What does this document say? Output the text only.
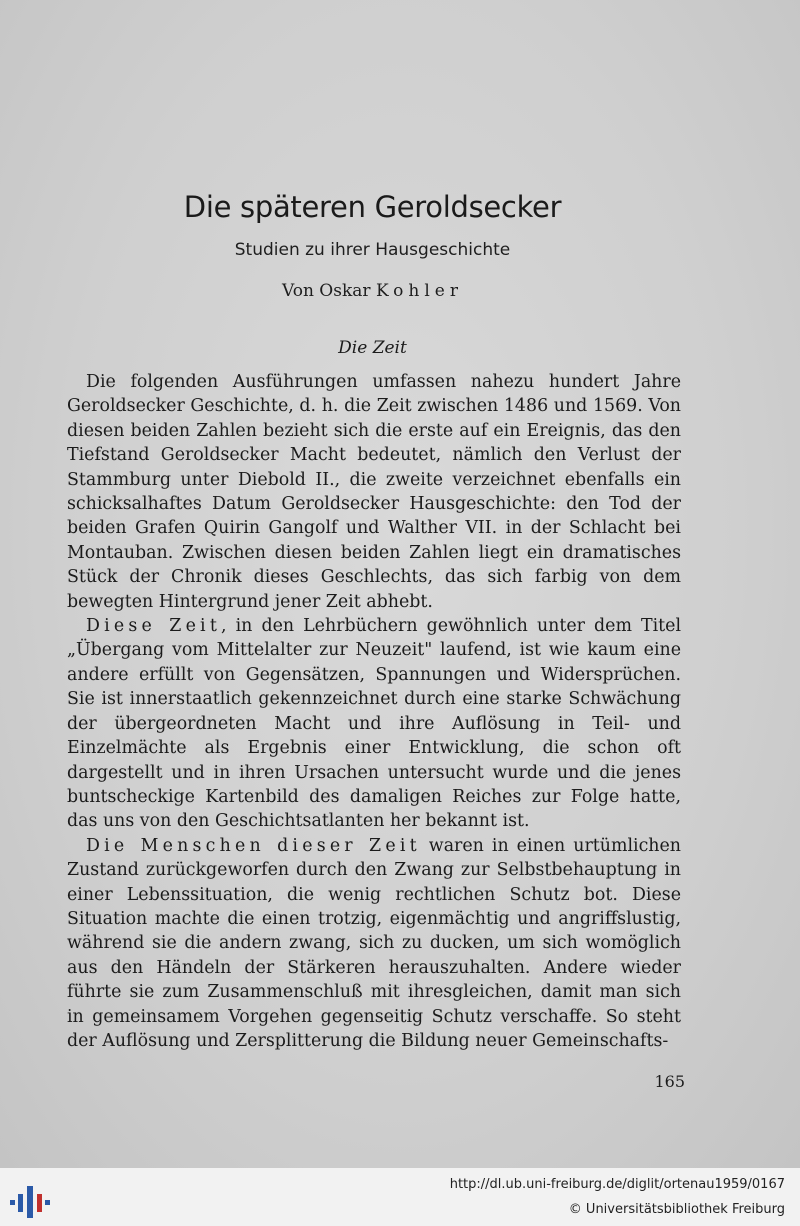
Die späteren Geroldsecker
Studien zu ihrer Hausgeschichte
Von Oskar Kohler
Die Zeit

Die folgenden Ausführungen umfassen nahezu hundert Jahre Geroldsecker Geschichte, d. h. die Zeit zwischen 1486 und 1569. Von diesen beiden Zahlen bezieht sich die erste auf ein Ereignis, das den Tiefstand Geroldsecker Macht bedeutet, nämlich den Verlust der Stammburg unter Diebold II., die zweite verzeichnet ebenfalls ein schicksalhaftes Datum Geroldsecker Hausgeschichte: den Tod der beiden Grafen Quirin Gangolf und Walther VII. in der Schlacht bei Montauban. Zwischen diesen beiden Zahlen liegt ein dramatisches Stück der Chronik dieses Geschlechts, das sich farbig von dem bewegten Hintergrund jener Zeit abhebt.

Diese Zeit, in den Lehrbüchern gewöhnlich unter dem Titel „Übergang vom Mittelalter zur Neuzeit" laufend, ist wie kaum eine andere erfüllt von Gegensätzen, Spannungen und Widersprüchen. Sie ist innerstaatlich gekennzeichnet durch eine starke Schwächung der übergeordneten Macht und ihre Auflösung in Teil- und Einzelmächte als Ergebnis einer Entwicklung, die schon oft dargestellt und in ihren Ursachen untersucht wurde und die jenes buntscheckige Kartenbild des damaligen Reiches zur Folge hatte, das uns von den Geschichtsatlanten her bekannt ist.

Die Menschen dieser Zeit waren in einen urtümlichen Zustand zurückgeworfen durch den Zwang zur Selbstbehauptung in einer Lebenssituation, die wenig rechtlichen Schutz bot. Diese Situation machte die einen trotzig, eigenmächtig und angriffslustig, während sie die andern zwang, sich zu ducken, um sich womöglich aus den Händeln der Stärkeren herauszuhalten. Andere wieder führte sie zum Zusammenschluß mit ihresgleichen, damit man sich in gemeinsamem Vorgehen gegenseitig Schutz verschaffe. So steht der Auflösung und Zersplitterung die Bildung neuer Gemeinschafts-

165
http://dl.ub.uni-freiburg.de/diglit/ortenau1959/0167
© Universitätsbibliothek Freiburg
